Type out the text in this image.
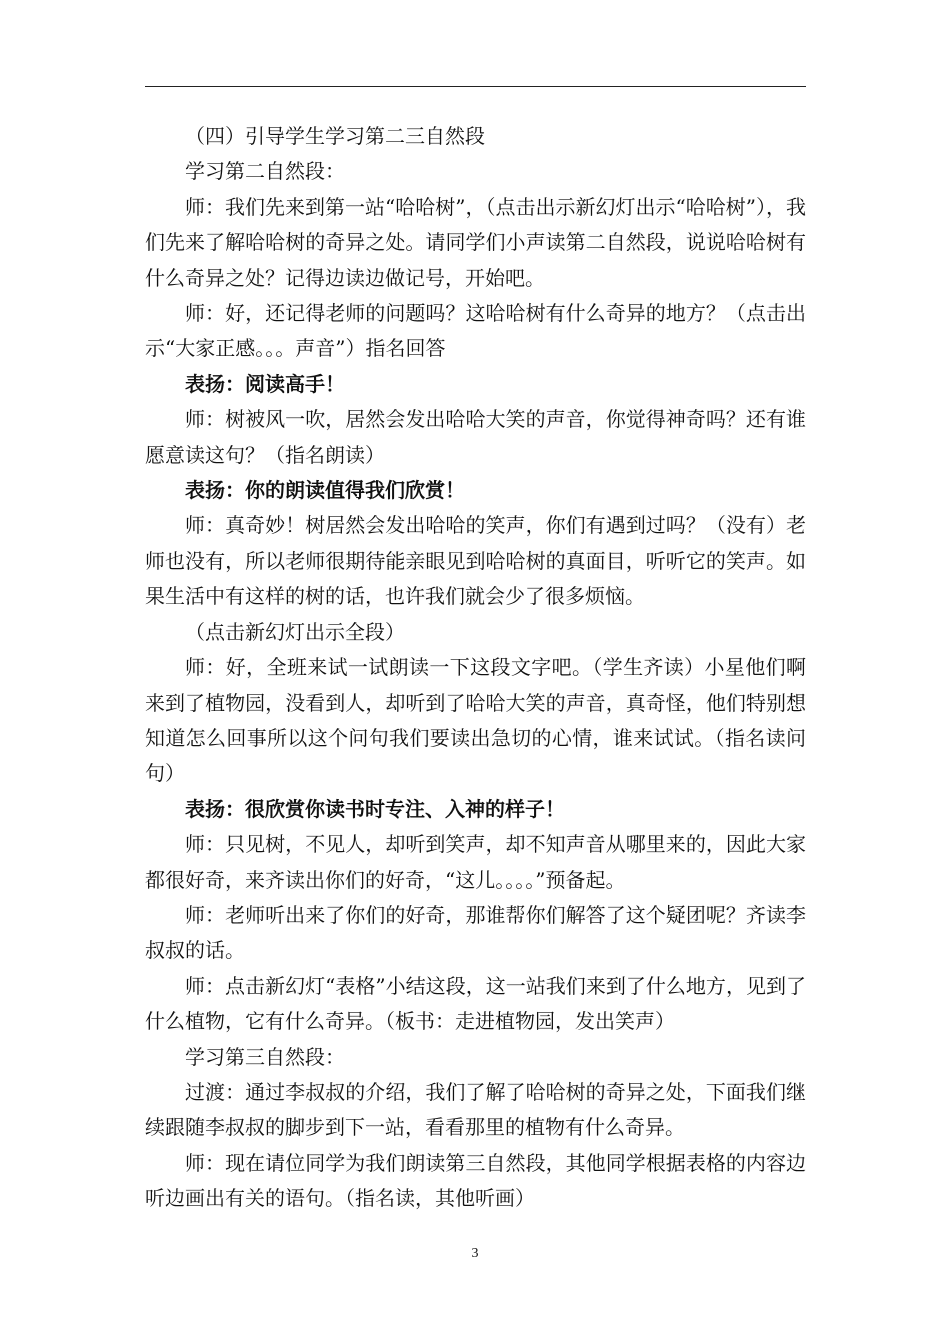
（四）引导学生学习第二三自然段

学习第二自然段：

师：我们先来到第一站“哈哈树”，（点击出示新幻灯出示“哈哈树”），我们先来了解哈哈树的奇异之处。请同学们小声读第二自然段，说说哈哈树有什么奇异之处？记得边读边做记号，开始吧。

师：好，还记得老师的问题吗？这哈哈树有什么奇异的地方？（点击出示“大家正感。。。声音”）指名回答

表扬：阅读高手！

师：树被风一吹，居然会发出哈哈大笑的声音，你觉得神奇吗？还有谁愿意读这句？（指名朗读）

表扬：你的朗读值得我们欣赏！

师：真奇妙！树居然会发出哈哈的笑声，你们有遇到过吗？（没有）老师也没有，所以老师很期待能亲眼见到哈哈树的真面目，听听它的笑声。如果生活中有这样的树的话，也许我们就会少了很多烦恼。

（点击新幻灯出示全段）

师：好，全班来试一试朗读一下这段文字吧。（学生齐读）小星他们啊来到了植物园，没看到人，却听到了哈哈大笑的声音，真奇怪，他们特别想知道怎么回事所以这个问句我们要读出急切的心情，谁来试试。（指名读问句）

表扬：很欣赏你读书时专注、入神的样子！

师：只见树，不见人，却听到笑声，却不知声音从哪里来的，因此大家都很好奇，来齐读出你们的好奇，“这儿。。。。”预备起。

师：老师听出来了你们的好奇，那谁帮你们解答了这个疑团呢？齐读李叔叔的话。

师：点击新幻灯“表格”小结这段，这一站我们来到了什么地方，见到了什么植物，它有什么奇异。（板书：走进植物园，发出笑声）

学习第三自然段：

过渡：通过李叔叔的介绍，我们了解了哈哈树的奇异之处，下面我们继续跟随李叔叔的脚步到下一站，看看那里的植物有什么奇异。

师：现在请位同学为我们朗读第三自然段，其他同学根据表格的内容边听边画出有关的语句。（指名读，其他听画）

3
